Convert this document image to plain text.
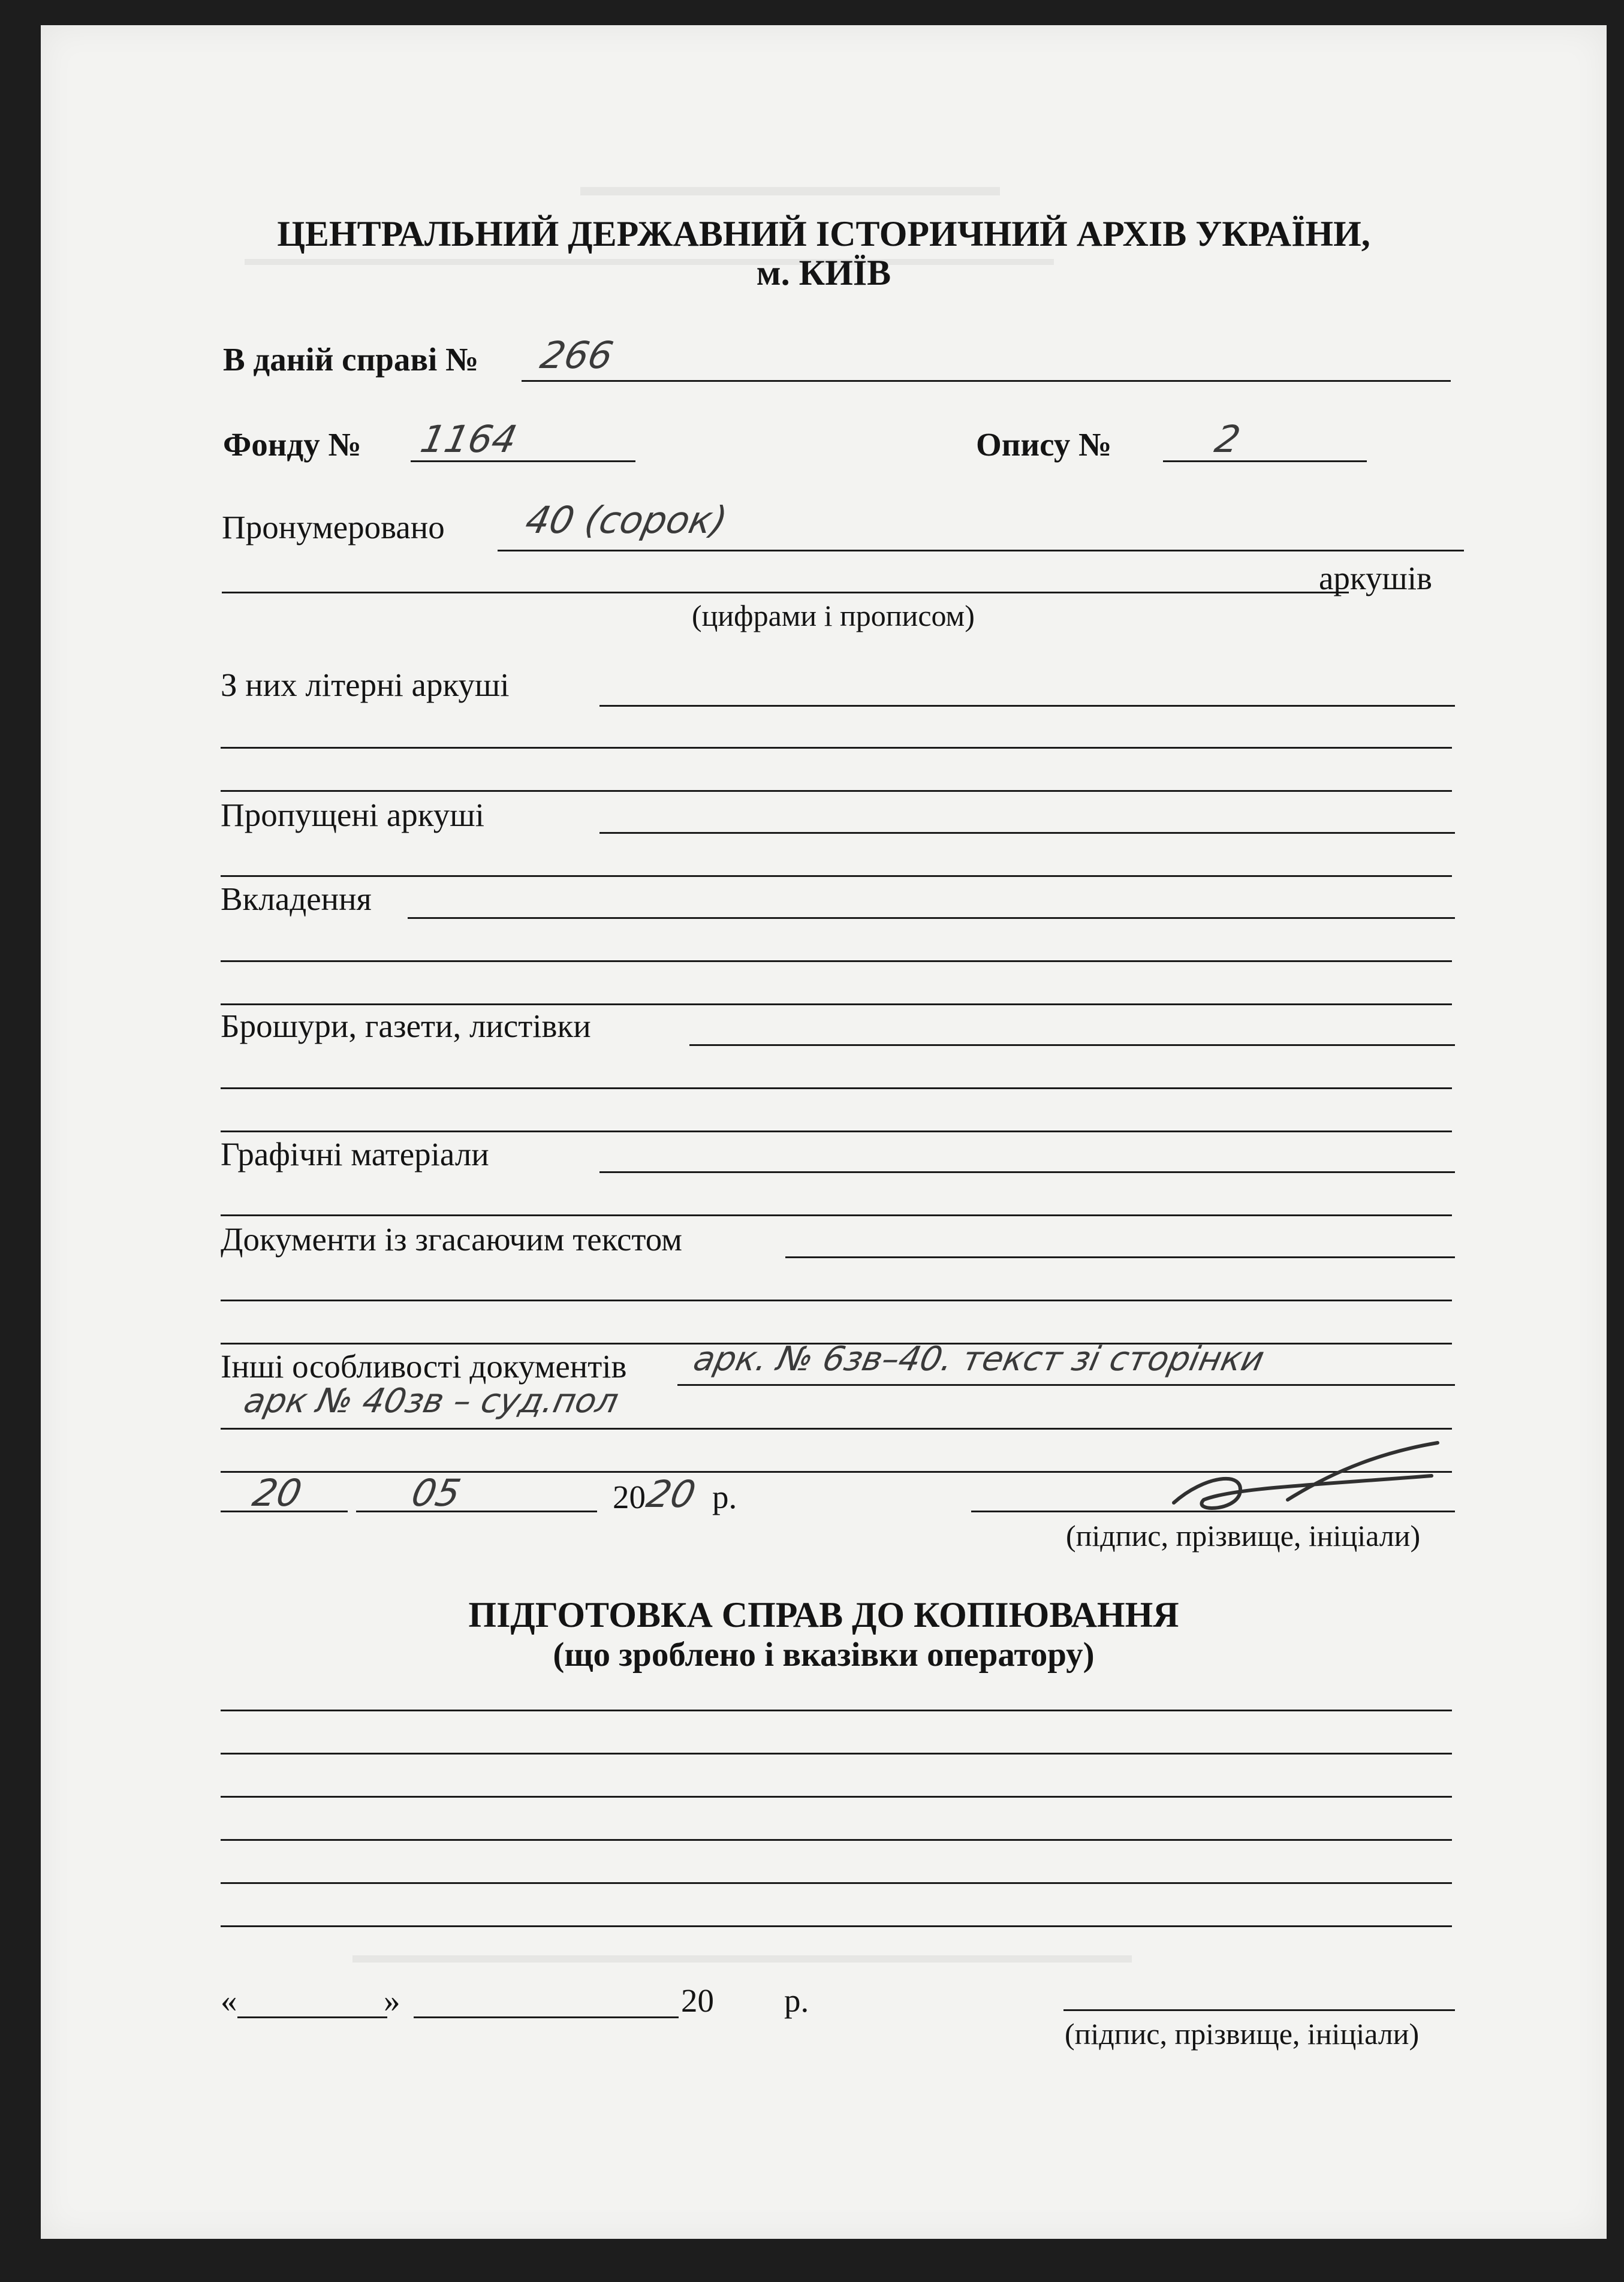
ЦЕНТРАЛЬНИЙ ДЕРЖАВНИЙ ІСТОРИЧНИЙ АРХІВ УКРАЇНИ,
м. КИЇВ
В даній справі № 266
Фонду № 1164	Опису №	2
Пронумеровано 40 (сорок)
аркушів
(цифрами і прописом)
З них літерні аркуші
Пропущені аркуші
Вкладення
Брошури, газети, листівки
Графічні матеріали
Документи із згасаючим текстом
Інші особливості документів арк. № 6зв–40. текст зі сторінки
арк № 40зв – суд.пол
20	05	20
20 р.
(підпис, прізвище, ініціали)
ПІДГОТОВКА СПРАВ ДО КОПІЮВАННЯ
(що зроблено і вказівки оператору)
«	»	20 р.
(підпис, прізвище, ініціали)
